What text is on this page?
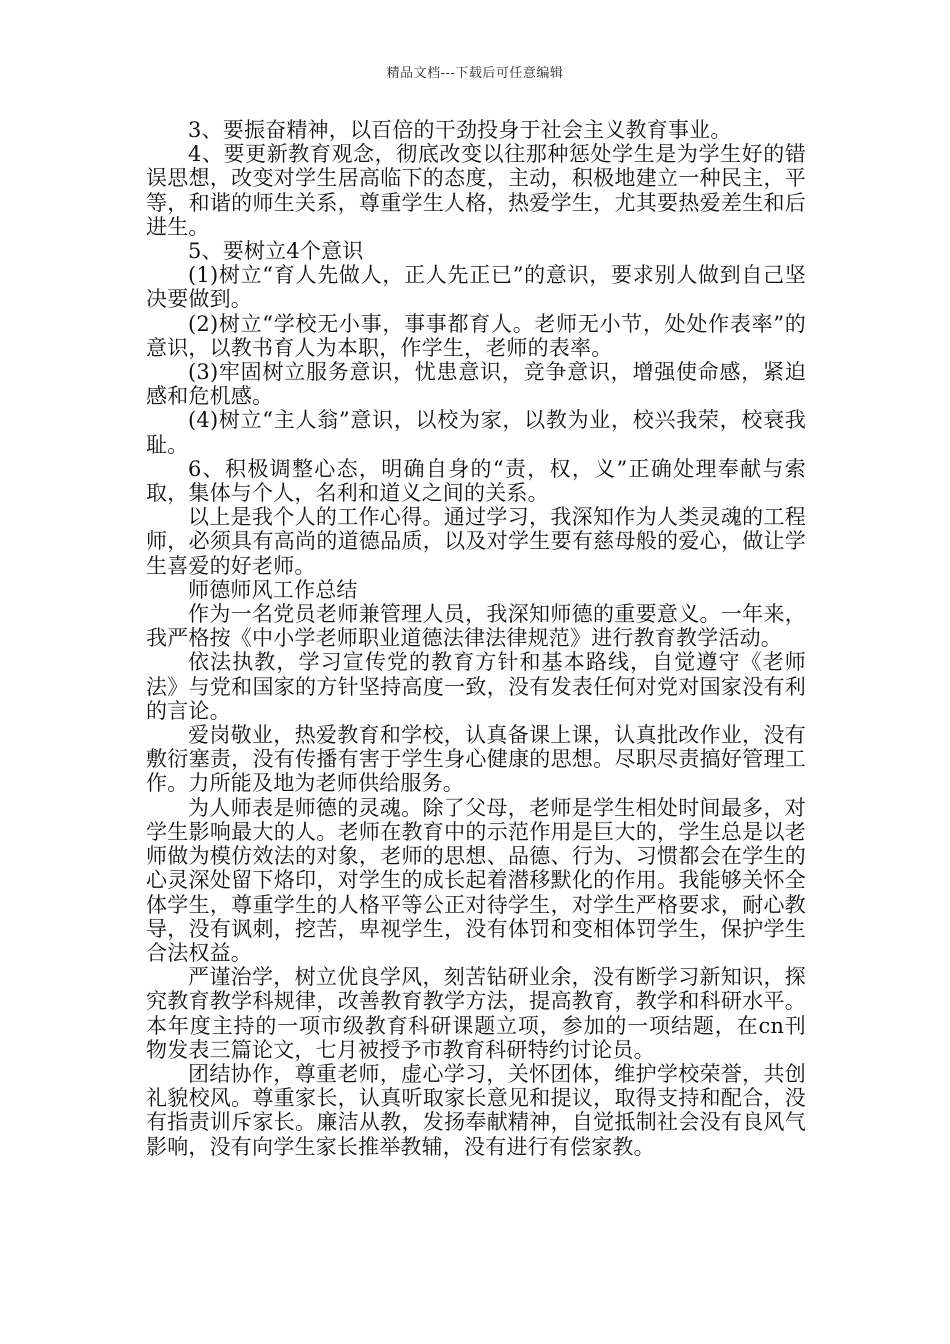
精品文档---下载后可任意编辑

3、要振奋精神，以百倍的干劲投身于社会主义教育事业。

4、要更新教育观念，彻底改变以往那种惩处学生是为学生好的错误思想，改变对学生居高临下的态度，主动，积极地建立一种民主，平等，和谐的师生关系，尊重学生人格，热爱学生，尤其要热爱差生和后进生。

5、要树立4个意识

(1)树立“育人先做人，正人先正已”的意识，要求别人做到自己坚决要做到。

(2)树立“学校无小事，事事都育人。老师无小节，处处作表率”的意识，以教书育人为本职，作学生，老师的表率。

(3)牢固树立服务意识，忧患意识，竞争意识，增强使命感，紧迫感和危机感。

(4)树立“主人翁”意识，以校为家，以教为业，校兴我荣，校衰我耻。

6、积极调整心态，明确自身的“责，权，义”正确处理奉献与索取，集体与个人，名利和道义之间的关系。

以上是我个人的工作心得。通过学习，我深知作为人类灵魂的工程师，必须具有高尚的道德品质，以及对学生要有慈母般的爱心，做让学生喜爱的好老师。

师德师风工作总结

作为一名党员老师兼管理人员，我深知师德的重要意义。一年来，我严格按《中小学老师职业道德法律法律规范》进行教育教学活动。

依法执教，学习宣传党的教育方针和基本路线，自觉遵守《老师法》与党和国家的方针坚持高度一致，没有发表任何对党对国家没有利的言论。

爱岗敬业，热爱教育和学校，认真备课上课，认真批改作业，没有敷衍塞责，没有传播有害于学生身心健康的思想。尽职尽责搞好管理工作。力所能及地为老师供给服务。

为人师表是师德的灵魂。除了父母，老师是学生相处时间最多，对学生影响最大的人。老师在教育中的示范作用是巨大的，学生总是以老师做为模仿效法的对象，老师的思想、品德、行为、习惯都会在学生的心灵深处留下烙印，对学生的成长起着潜移默化的作用。我能够关怀全体学生，尊重学生的人格平等公正对待学生，对学生严格要求，耐心教导，没有讽刺，挖苦，卑视学生，没有体罚和变相体罚学生，保护学生合法权益。

严谨治学，树立优良学风，刻苦钻研业余，没有断学习新知识，探究教育教学科规律，改善教育教学方法，提高教育，教学和科研水平。本年度主持的一项市级教育科研课题立项，参加的一项结题，在cn刊物发表三篇论文，七月被授予市教育科研特约讨论员。

团结协作，尊重老师，虚心学习，关怀团体，维护学校荣誉，共创礼貌校风。尊重家长，认真听取家长意见和提议，取得支持和配合，没有指责训斥家长。廉洁从教，发扬奉献精神，自觉抵制社会没有良风气影响，没有向学生家长推举教辅，没有进行有偿家教。
